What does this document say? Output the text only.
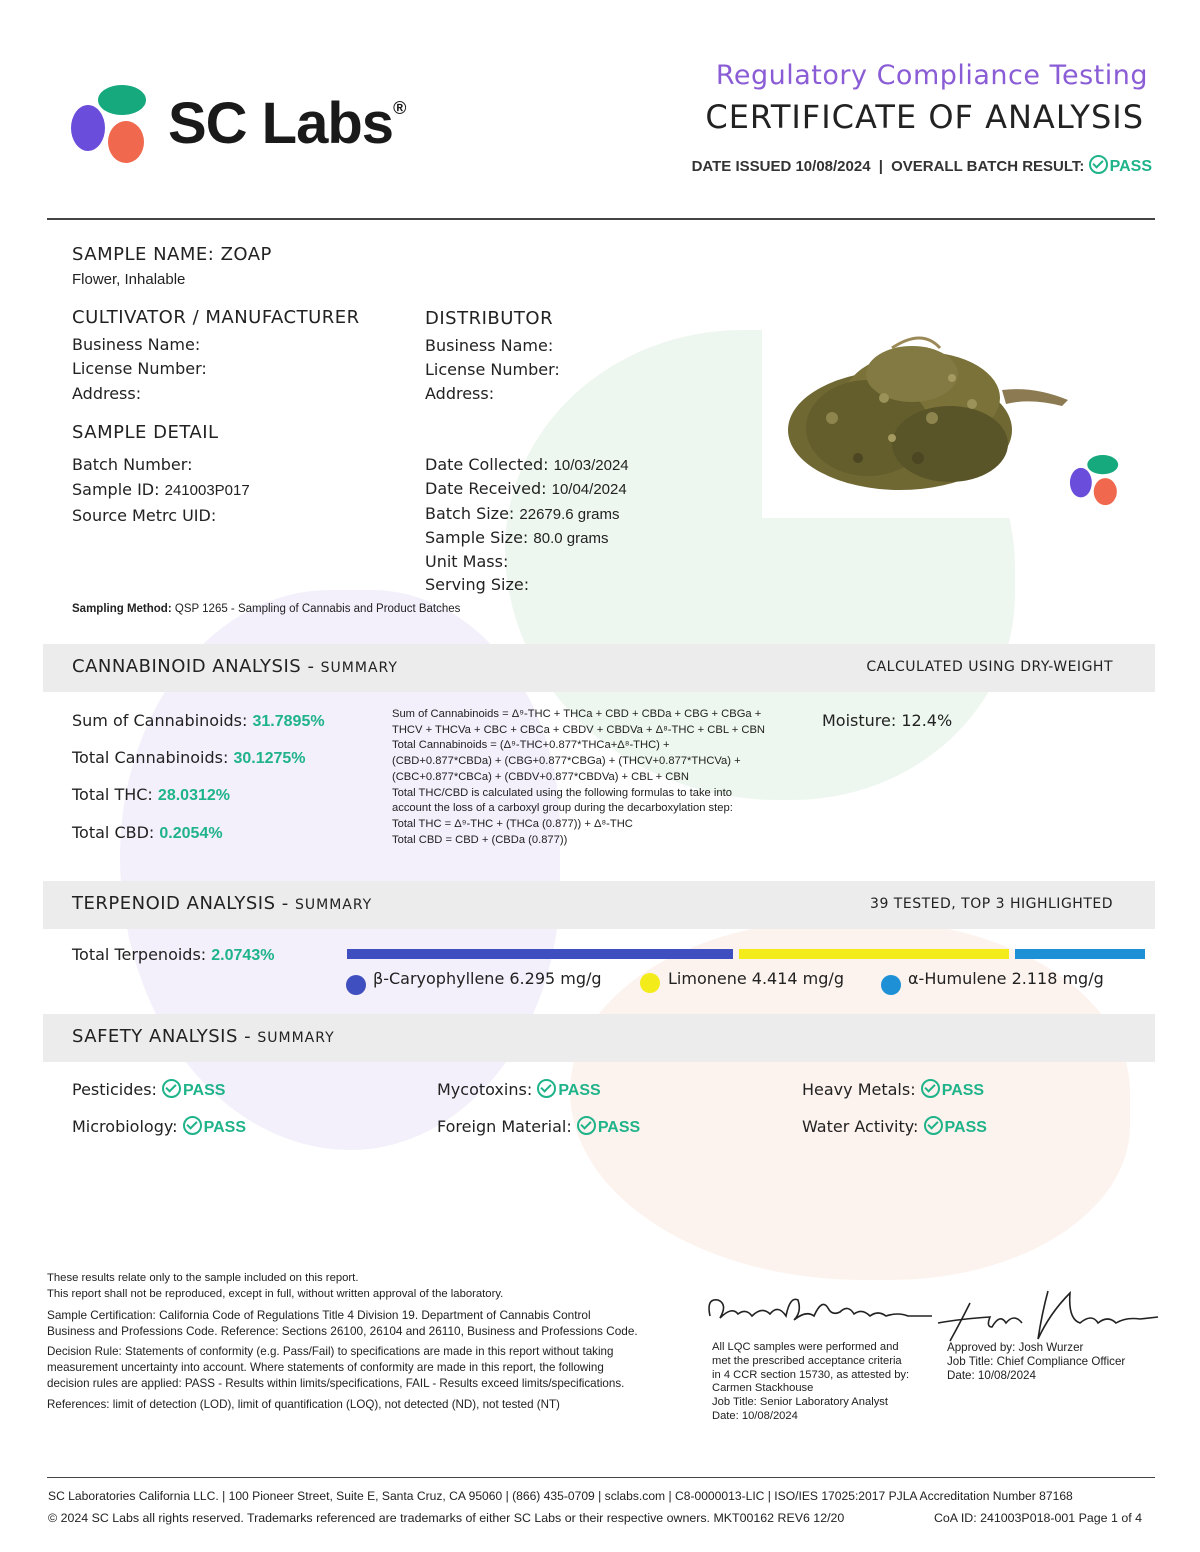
SC Labs®
Regulatory Compliance Testing
CERTIFICATE OF ANALYSIS
DATE ISSUED 10/08/2024 | OVERALL BATCH RESULT: PASS
SAMPLE NAME: ZOAP
Flower, Inhalable
CULTIVATOR / MANUFACTURER
Business Name:
License Number:
Address:
DISTRIBUTOR
Business Name:
License Number:
Address:
SAMPLE DETAIL
Batch Number:
Sample ID: 241003P017
Source Metrc UID:
Date Collected: 10/03/2024
Date Received: 10/04/2024
Batch Size: 22679.6 grams
Sample Size: 80.0 grams
Unit Mass:
Serving Size:
Sampling Method: QSP 1265 - Sampling of Cannabis and Product Batches
CANNABINOID ANALYSIS - SUMMARY	CALCULATED USING DRY-WEIGHT
Sum of Cannabinoids: 31.7895%
Total Cannabinoids: 30.1275%
Total THC: 28.0312%
Total CBD: 0.2054%
Sum of Cannabinoids = Δ⁹-THC + THCa + CBD + CBDa + CBG + CBGa +
THCV + THCVa + CBC + CBCa + CBDV + CBDVa + Δ⁸-THC + CBL + CBN
Total Cannabinoids = (Δ⁹-THC+0.877*THCa+Δ⁸-THC) +
(CBD+0.877*CBDa) + (CBG+0.877*CBGa) + (THCV+0.877*THCVa) +
(CBC+0.877*CBCa) + (CBDV+0.877*CBDVa) + CBL + CBN
Total THC/CBD is calculated using the following formulas to take into
account the loss of a carboxyl group during the decarboxylation step:
Total THC = Δ⁹-THC + (THCa (0.877)) + Δ⁸-THC
Total CBD = CBD + (CBDa (0.877))
Moisture: 12.4%
TERPENOID ANALYSIS - SUMMARY	39 TESTED, TOP 3 HIGHLIGHTED
Total Terpenoids: 2.0743%
β-Caryophyllene 6.295 mg/g	Limonene 4.414 mg/g	α-Humulene 2.118 mg/g
SAFETY ANALYSIS - SUMMARY
Pesticides: PASS	Mycotoxins: PASS	Heavy Metals: PASS
Microbiology: PASS	Foreign Material: PASS	Water Activity: PASS
These results relate only to the sample included on this report.
This report shall not be reproduced, except in full, without written approval of the laboratory.
Sample Certification: California Code of Regulations Title 4 Division 19. Department of Cannabis Control
Business and Professions Code. Reference: Sections 26100, 26104 and 26110, Business and Professions Code.
Decision Rule: Statements of conformity (e.g. Pass/Fail) to specifications are made in this report without taking
measurement uncertainty into account. Where statements of conformity are made in this report, the following
decision rules are applied: PASS - Results within limits/specifications, FAIL - Results exceed limits/specifications.
References: limit of detection (LOD), limit of quantification (LOQ), not detected (ND), not tested (NT)
All LQC samples were performed and
met the prescribed acceptance criteria
in 4 CCR section 15730, as attested by:
Carmen Stackhouse
Job Title: Senior Laboratory Analyst
Date: 10/08/2024
Approved by: Josh Wurzer
Job Title: Chief Compliance Officer
Date: 10/08/2024
SC Laboratories California LLC. | 100 Pioneer Street, Suite E, Santa Cruz, CA 95060 | (866) 435-0709 | sclabs.com | C8-0000013-LIC | ISO/IES 17025:2017 PJLA Accreditation Number 87168
© 2024 SC Labs all rights reserved. Trademarks referenced are trademarks of either SC Labs or their respective owners. MKT00162 REV6 12/20	CoA ID: 241003P018-001 Page 1 of 4
